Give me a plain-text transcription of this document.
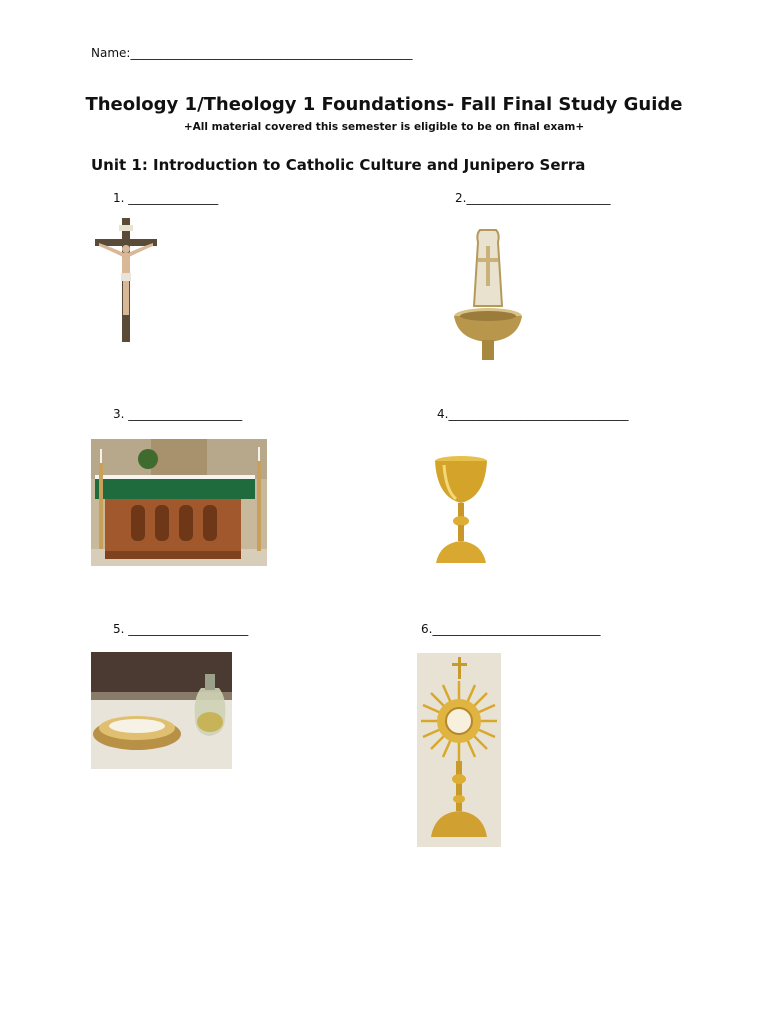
Name:_______________________________________________
Theology 1/Theology 1 Foundations- Fall Final Study Guide
+All material covered this semester is eligible to be on final exam+
Unit 1: Introduction to Catholic Culture and Junipero Serra
1. _______________	2.________________________
3. ___________________	4.______________________________
5. ____________________	6.____________________________
